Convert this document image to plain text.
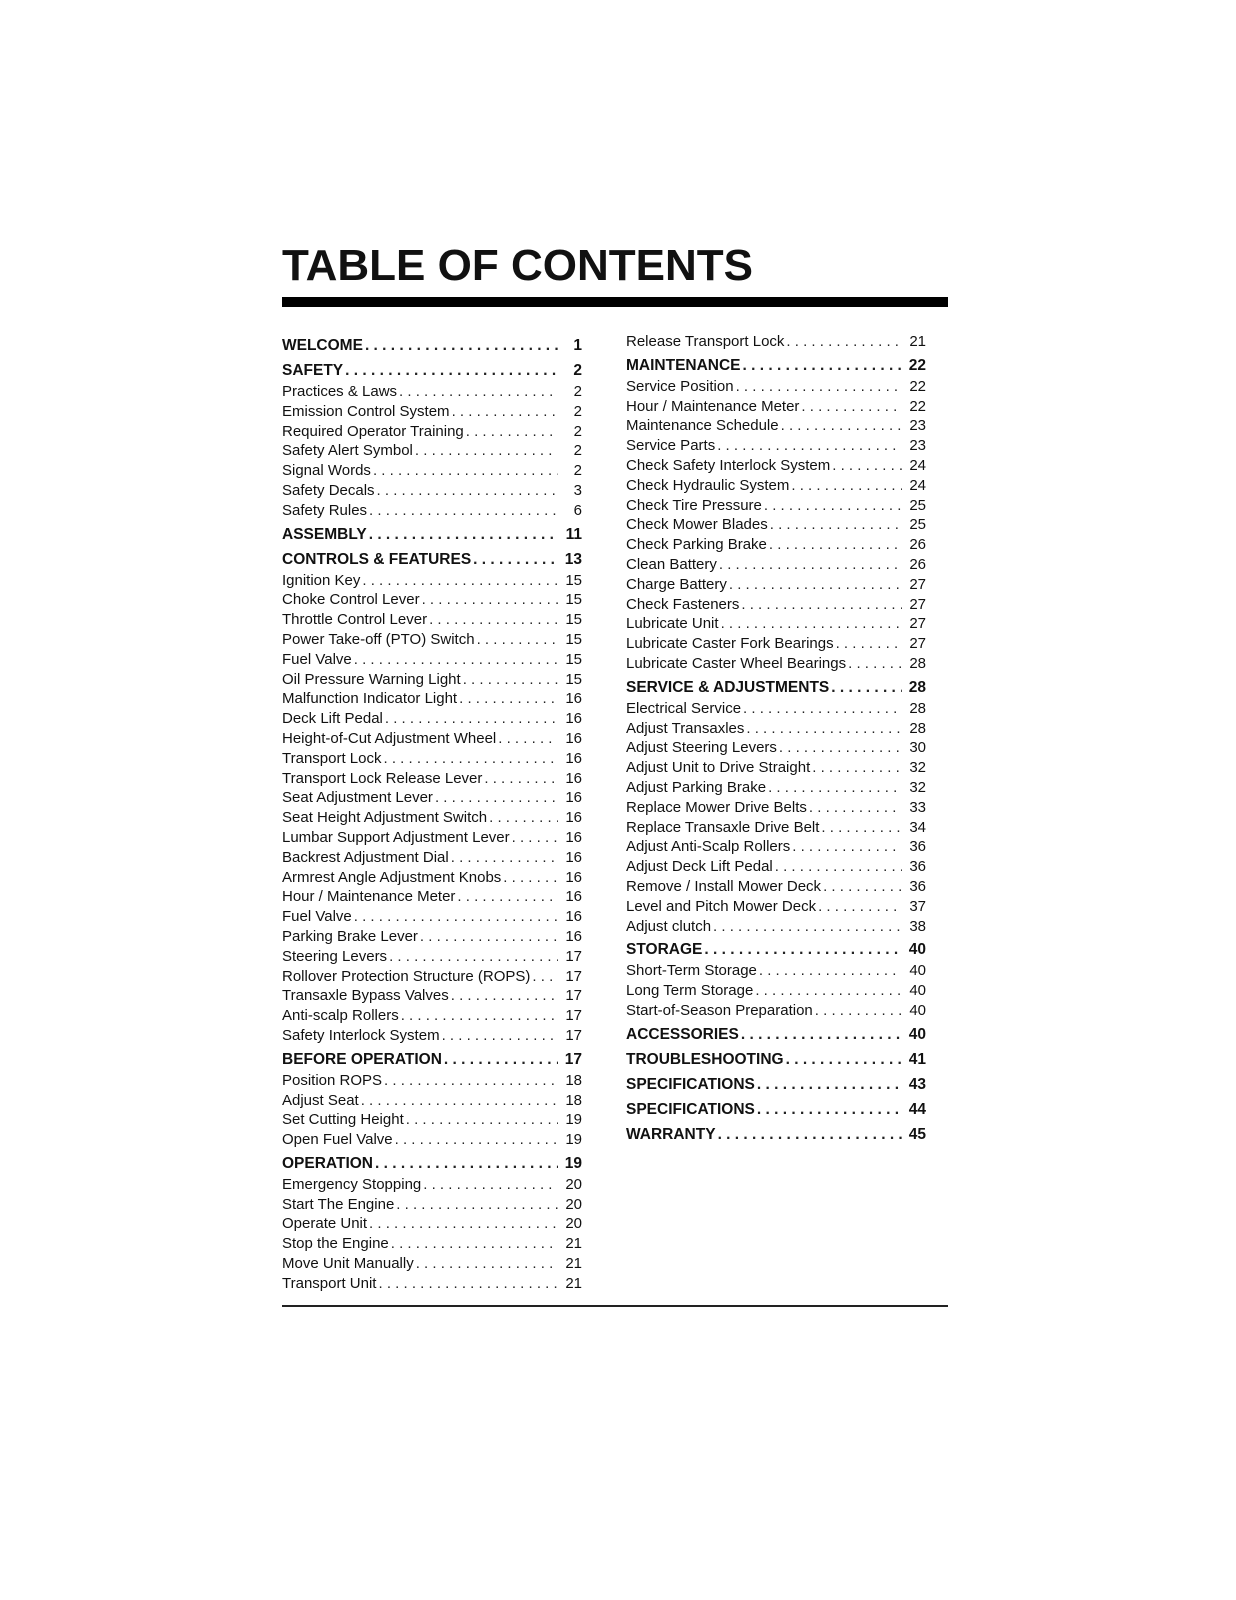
TABLE OF CONTENTS
WELCOME . . .	1
SAFETY . . .	2
Practices & Laws . . .	2
Emission Control System . . .	2
Required Operator Training . . .	2
Safety Alert Symbol . . .	2
Signal Words . . .	2
Safety Decals . . .	3
Safety Rules . . .	6
ASSEMBLY . . .	11
CONTROLS & FEATURES . . .	13
Ignition Key . . .	15
Choke Control Lever . . .	15
Throttle Control Lever . . .	15
Power Take-off (PTO) Switch . . .	15
Fuel Valve . . .	15
Oil Pressure Warning Light . . .	15
Malfunction Indicator Light . . .	16
Deck Lift Pedal . . .	16
Height-of-Cut Adjustment Wheel . . .	16
Transport Lock . . .	16
Transport Lock Release Lever . . .	16
Seat Adjustment Lever . . .	16
Seat Height Adjustment Switch . . .	16
Lumbar Support Adjustment Lever . . .	16
Backrest Adjustment Dial . . .	16
Armrest Angle Adjustment Knobs . . .	16
Hour / Maintenance Meter . . .	16
Fuel Valve . . .	16
Parking Brake Lever . . .	16
Steering Levers . . .	17
Rollover Protection Structure (ROPS) . . . 17
Transaxle Bypass Valves . . .	17
Anti-scalp Rollers . . .	17
Safety Interlock System . . .	17
BEFORE OPERATION . . .	17
Position ROPS . . .	18
Adjust Seat . . .	18
Set Cutting Height . . .	19
Open Fuel Valve . . .	19
OPERATION . . .	19
Emergency Stopping . . .	20
Start The Engine . . .	20
Operate Unit . . .	20
Stop the Engine . . .	21
Move Unit Manually . . .	21
Transport Unit . . .	21
Release Transport Lock . . .	21
MAINTENANCE . . .	22
Service Position . . .	22
Hour / Maintenance Meter . . .	22
Maintenance Schedule . . .	23
Service Parts . . .	23
Check Safety Interlock System . . .	24
Check Hydraulic System . . .	24
Check Tire Pressure . . .	25
Check Mower Blades . . .	25
Check Parking Brake . . .	26
Clean Battery . . .	26
Charge Battery . . .	27
Check Fasteners . . .	27
Lubricate Unit . . .	27
Lubricate Caster Fork Bearings . . .	27
Lubricate Caster Wheel Bearings . . .	28
SERVICE & ADJUSTMENTS . . .	28
Electrical Service . . .	28
Adjust Transaxles . . .	28
Adjust Steering Levers . . .	30
Adjust Unit to Drive Straight . . .	32
Adjust Parking Brake . . .	32
Replace Mower Drive Belts . . .	33
Replace Transaxle Drive Belt . . .	34
Adjust Anti-Scalp Rollers . . .	36
Adjust Deck Lift Pedal . . .	36
Remove / Install Mower Deck . . .	36
Level and Pitch Mower Deck . . .	37
Adjust clutch . . .	38
STORAGE . . .	40
Short-Term Storage . . .	40
Long Term Storage . . .	40
Start-of-Season Preparation . . .	40
ACCESSORIES . . .	40
TROUBLESHOOTING . . .	41
SPECIFICATIONS . . .	43
SPECIFICATIONS . . .	44
WARRANTY . . .	45
